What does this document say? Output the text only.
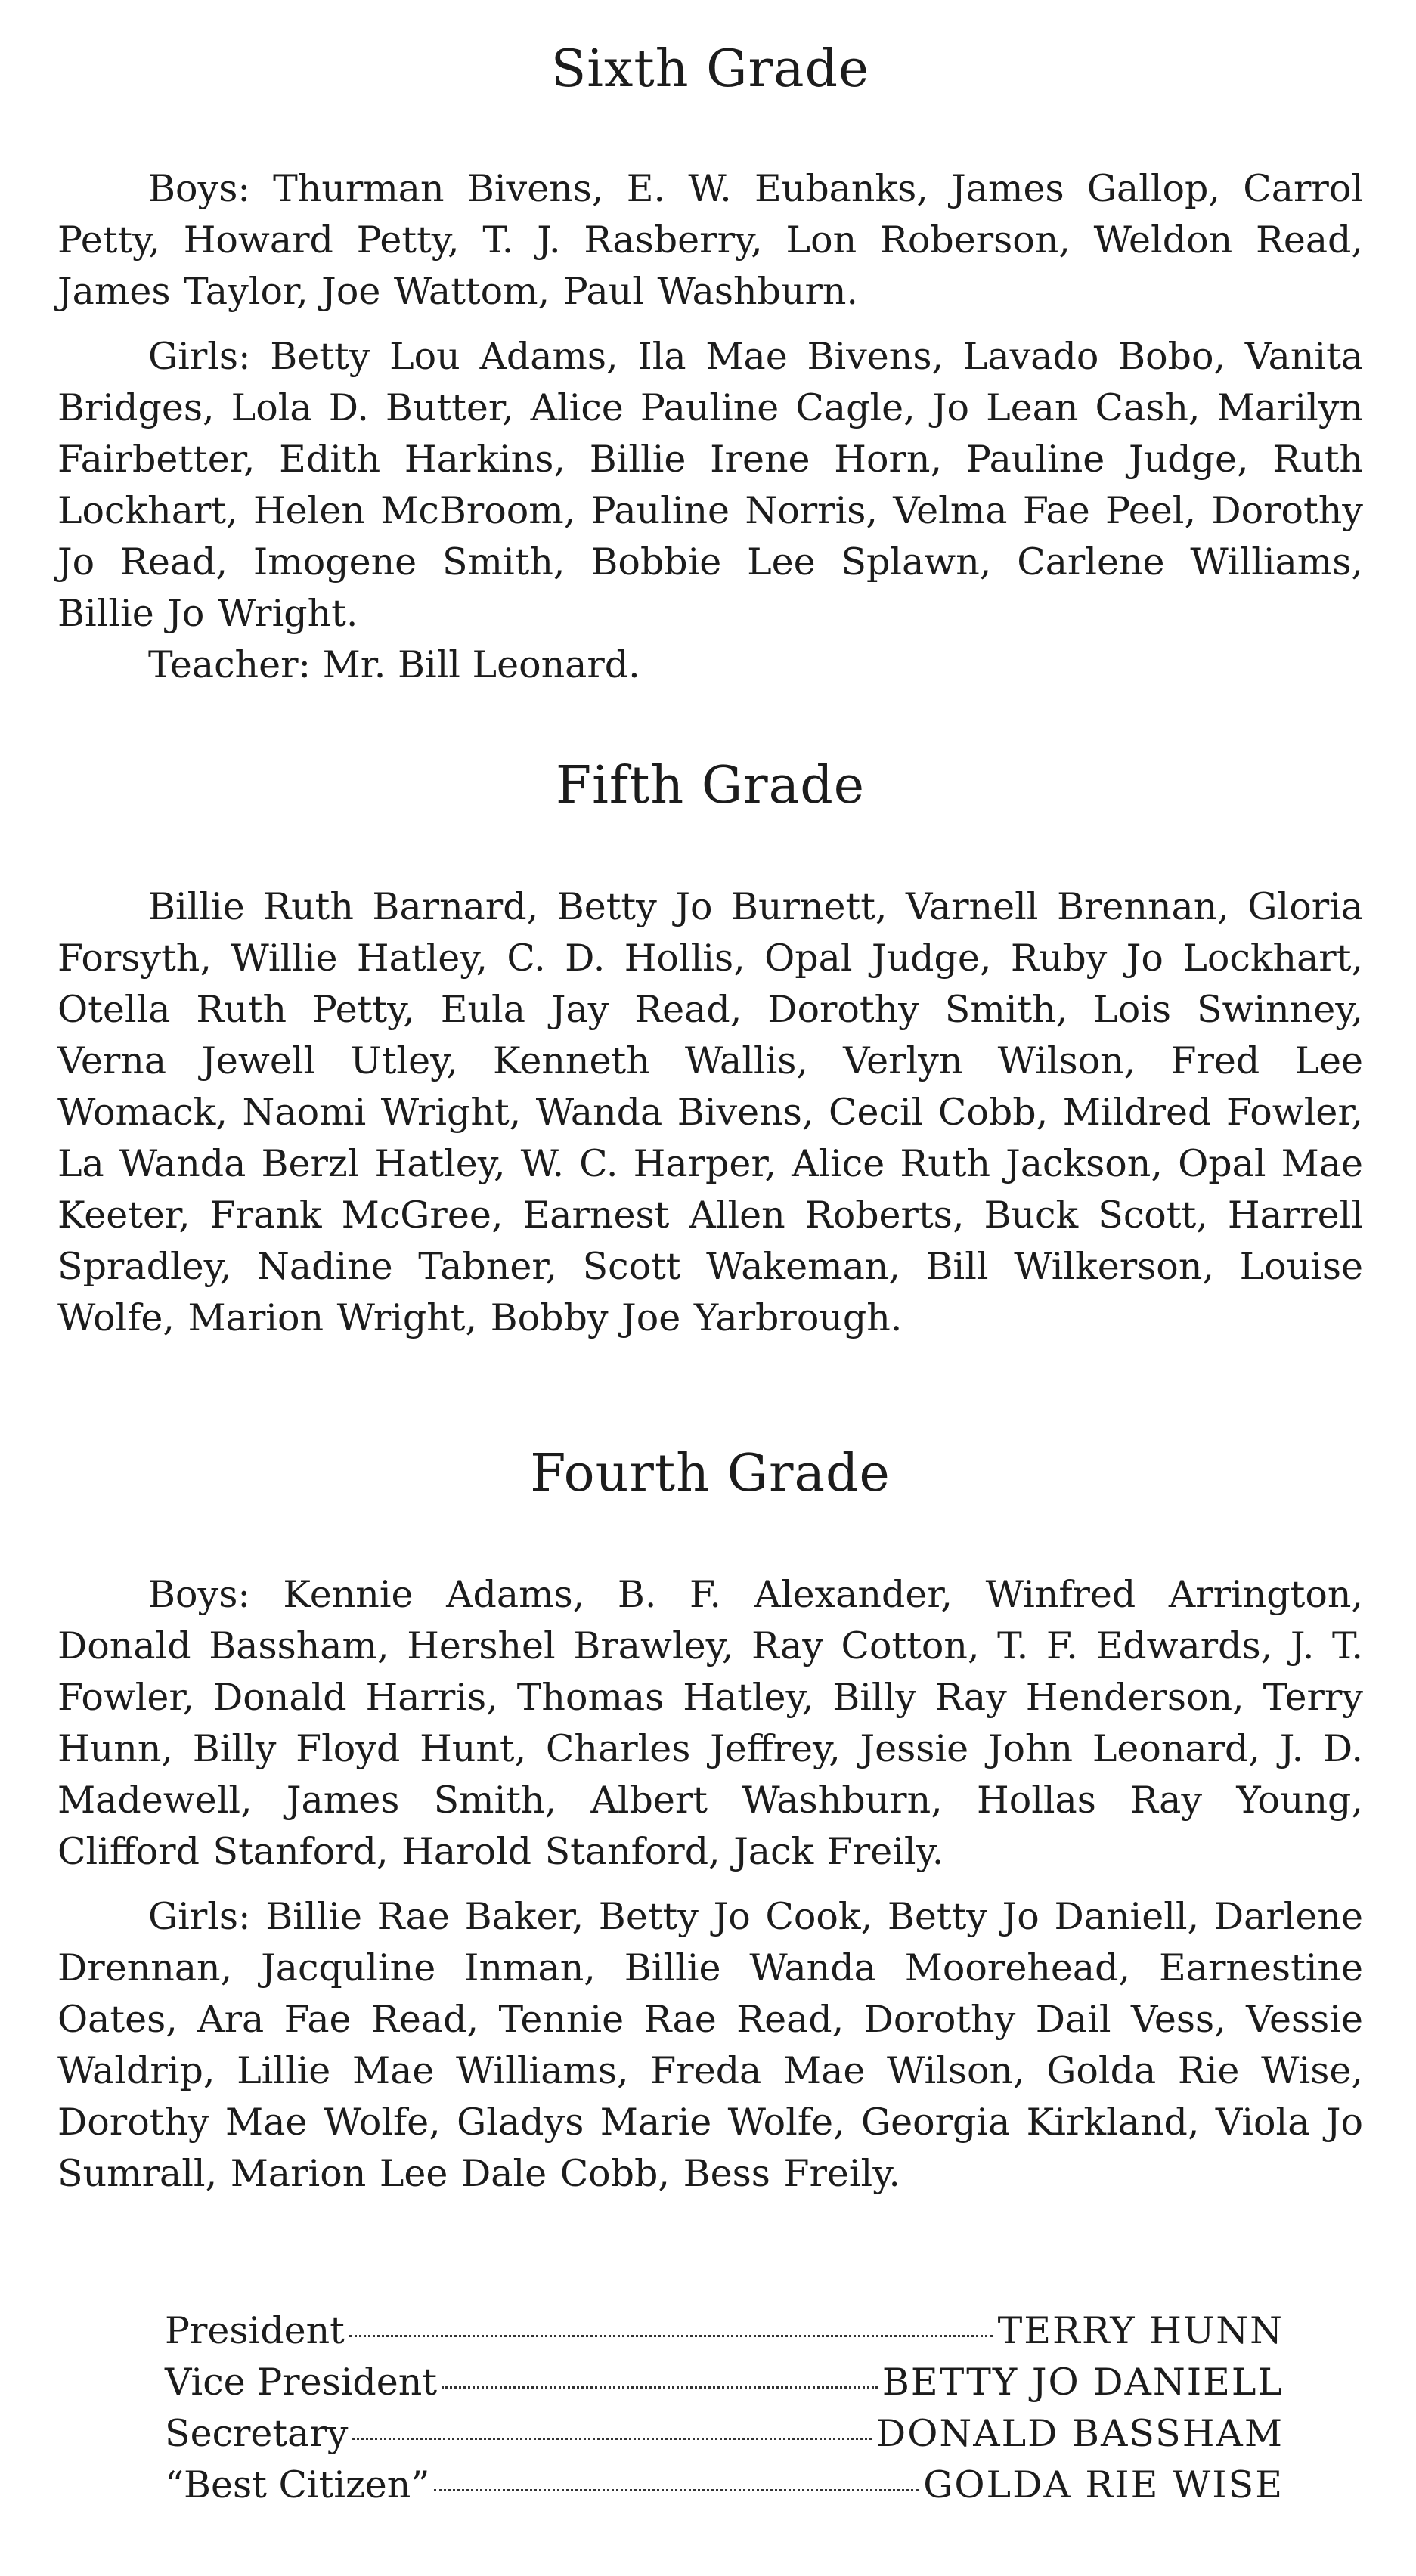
Sixth Grade

Boys: Thurman Bivens, E. W. Eubanks, James Gallop, Carrol Petty, Howard Petty, T. J. Rasberry, Lon Roberson, Weldon Read, James Taylor, Joe Wattom, Paul Washburn.

Girls: Betty Lou Adams, Ila Mae Bivens, Lavado Bobo, Vanita Bridges, Lola D. Butter, Alice Pauline Cagle, Jo Lean Cash, Marilyn Fairbetter, Edith Harkins, Billie Irene Horn, Pauline Judge, Ruth Lockhart, Helen McBroom, Pauline Norris, Velma Fae Peel, Dorothy Jo Read, Imogene Smith, Bobbie Lee Splawn, Carlene Williams, Billie Jo Wright.

Teacher: Mr. Bill Leonard.

Fifth Grade

Billie Ruth Barnard, Betty Jo Burnett, Varnell Brennan, Gloria Forsyth, Willie Hatley, C. D. Hollis, Opal Judge, Ruby Jo Lockhart, Otella Ruth Petty, Eula Jay Read, Dorothy Smith, Lois Swinney, Verna Jewell Utley, Kenneth Wallis, Verlyn Wilson, Fred Lee Womack, Naomi Wright, Wanda Bivens, Cecil Cobb, Mildred Fowler, La Wanda Berzl Hatley, W. C. Harper, Alice Ruth Jackson, Opal Mae Keeter, Frank McGree, Earnest Allen Roberts, Buck Scott, Harrell Spradley, Nadine Tabner, Scott Wakeman, Bill Wilkerson, Louise Wolfe, Marion Wright, Bobby Joe Yarbrough.

Fourth Grade

Boys: Kennie Adams, B. F. Alexander, Winfred Arrington, Donald Bassham, Hershel Brawley, Ray Cotton, T. F. Edwards, J. T. Fowler, Donald Harris, Thomas Hatley, Billy Ray Henderson, Terry Hunn, Billy Floyd Hunt, Charles Jeffrey, Jessie John Leonard, J. D. Madewell, James Smith, Albert Washburn, Hollas Ray Young, Clifford Stanford, Harold Stanford, Jack Freily.

Girls: Billie Rae Baker, Betty Jo Cook, Betty Jo Daniell, Darlene Drennan, Jacquline Inman, Billie Wanda Moorehead, Earnestine Oates, Ara Fae Read, Tennie Rae Read, Dorothy Dail Vess, Vessie Waldrip, Lillie Mae Williams, Freda Mae Wilson, Golda Rie Wise, Dorothy Mae Wolfe, Gladys Marie Wolfe, Georgia Kirkland, Viola Jo Sumrall, Marion Lee Dale Cobb, Bess Freily.

President	TERRY HUNN
Vice President	BETTY JO DANIELL
Secretary	DONALD BASSHAM
“Best Citizen”	GOLDA RIE WISE
